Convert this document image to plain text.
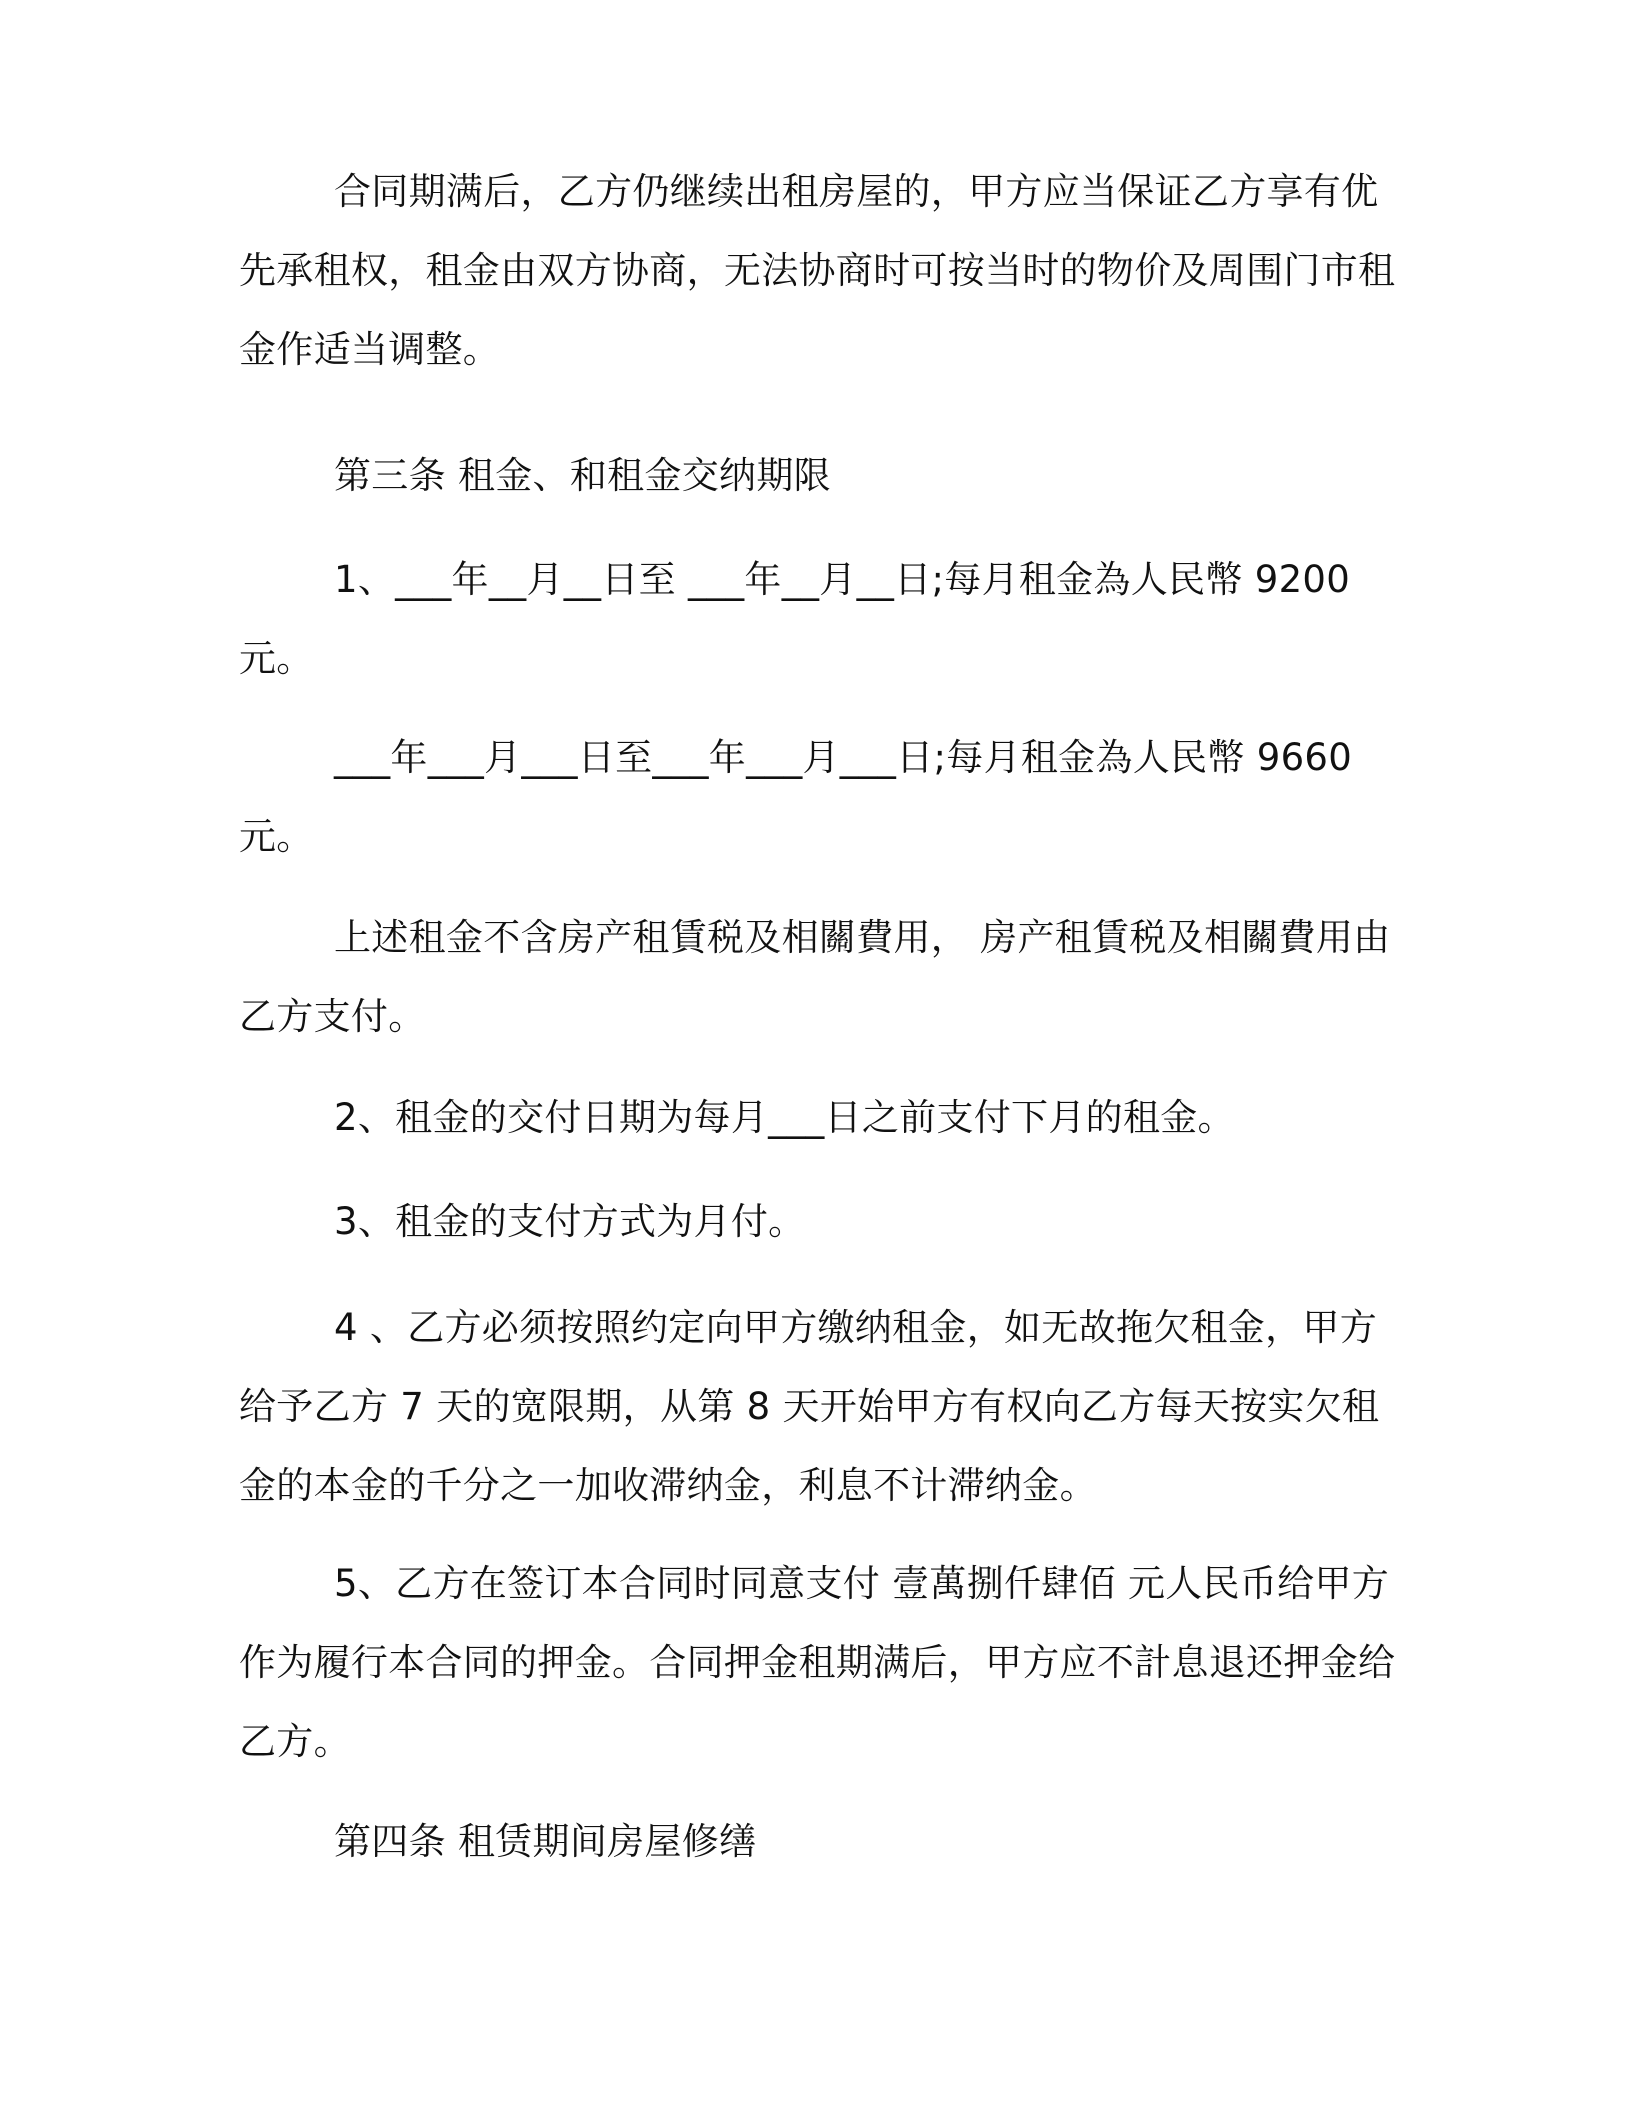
合同期满后，乙方仍继续出租房屋的，甲方应当保证乙方享有优先承租权，租金由双方协商，无法协商时可按当时的物价及周围门市租金作适当调整。

第三条 租金、和租金交纳期限

1、___年__月__日至 ___年__月__日;每月租金為人民幣 9200 元。

___年___月___日至___年___月___日;每月租金為人民幣 9660 元。

上述租金不含房产租賃税及相關費用， 房产租賃税及相關費用由乙方支付。

2、租金的交付日期为每月___日之前支付下月的租金。

3、租金的支付方式为月付。

4 、乙方必须按照约定向甲方缴纳租金，如无故拖欠租金，甲方给予乙方 7 天的宽限期，从第 8 天开始甲方有权向乙方每天按实欠租金的本金的千分之一加收滞纳金，利息不计滞纳金。

5、乙方在签订本合同时同意支付 壹萬捌仟肆佰 元人民币给甲方作为履行本合同的押金。合同押金租期满后，甲方应不計息退还押金给乙方。

第四条 租赁期间房屋修缮
